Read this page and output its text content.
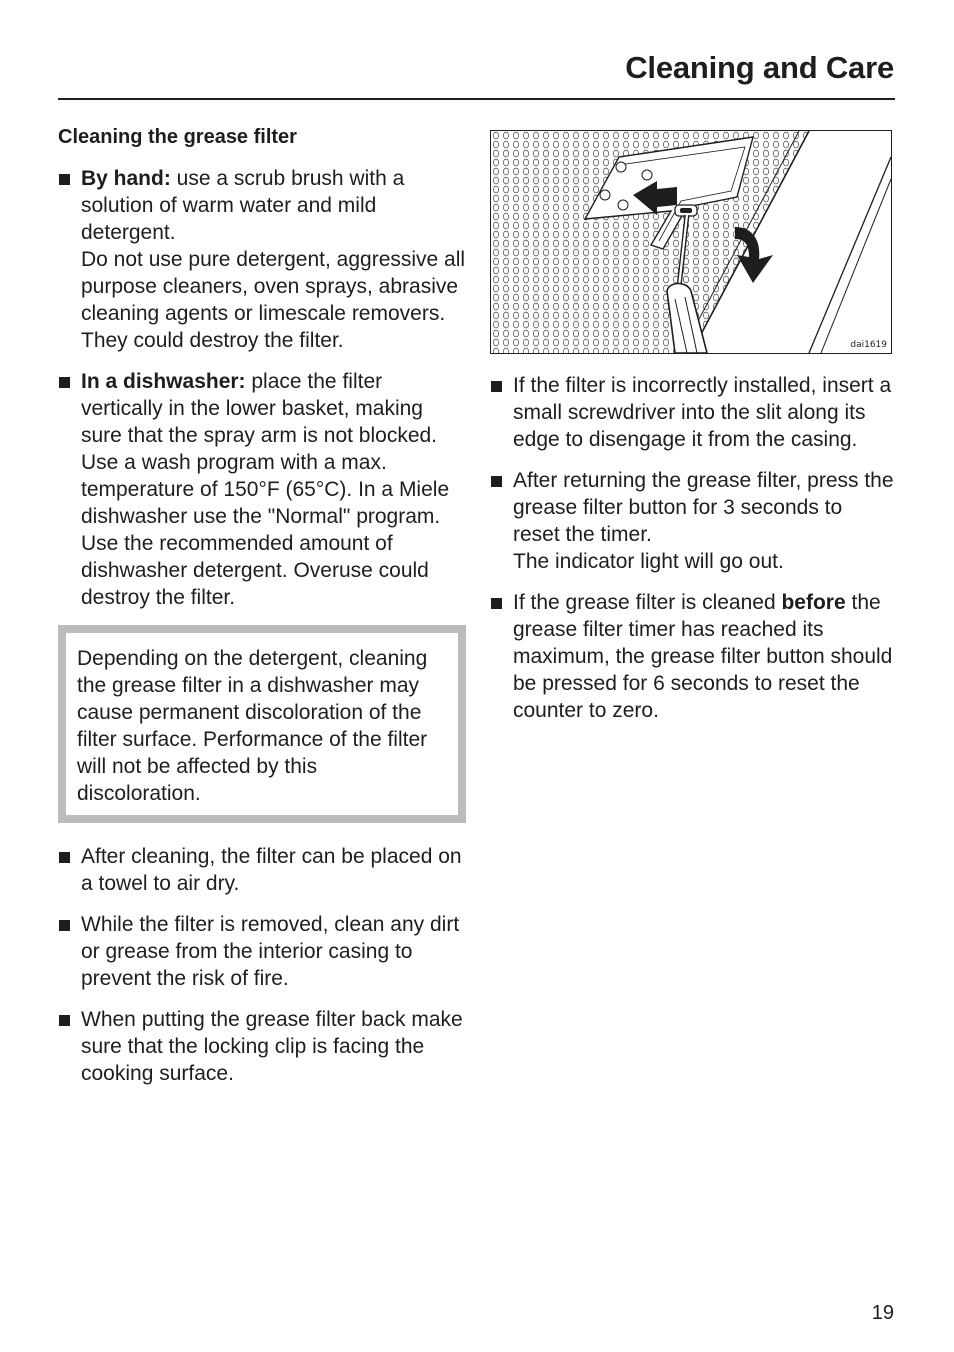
Cleaning and Care
Cleaning the grease filter

By hand: use a scrub brush with a solution of warm water and mild detergent.

Do not use pure detergent, aggressive all purpose cleaners, oven sprays, abrasive cleaning agents or limescale removers. They could destroy the filter.

In a dishwasher: place the filter vertically in the lower basket, making sure that the spray arm is not blocked.

Use a wash program with a max. temperature of 150°F (65°C). In a Miele dishwasher use the "Normal" program.

Use the recommended amount of dishwasher detergent. Overuse could destroy the filter.

Depending on the detergent, cleaning the grease filter in a dishwasher may cause permanent discoloration of the filter surface. Performance of the filter will not be affected by this discoloration.

After cleaning, the filter can be placed on a towel to air dry.

While the filter is removed, clean any dirt or grease from the interior casing to prevent the risk of fire.

When putting the grease filter back make sure that the locking clip is facing the cooking surface.

dai1619

If the filter is incorrectly installed, insert a small screwdriver into the slit along its edge to disengage it from the casing.

After returning the grease filter, press the grease filter button for 3 seconds to reset the timer.

The indicator light will go out.

If the grease filter is cleaned before the grease filter timer has reached its maximum, the grease filter button should be pressed for 6 seconds to reset the counter to zero.

19
